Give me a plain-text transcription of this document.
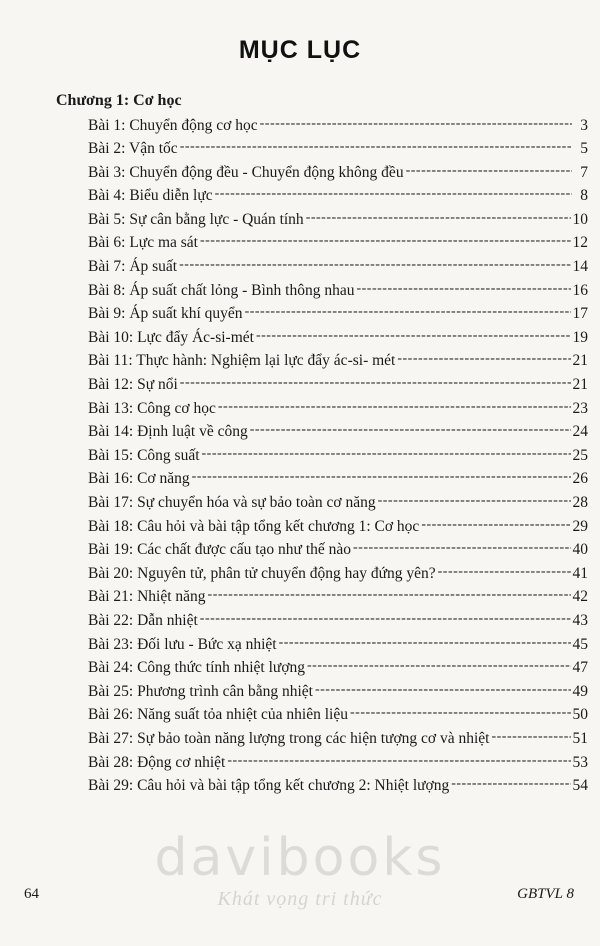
MỤC LỤC
Chương 1: Cơ học
Bài 1: Chuyển động cơ học -----	3
Bài 2: Vận tốc -----	5
Bài 3: Chuyển động đều - Chuyển động không đều -----	7
Bài 4: Biểu diễn lực -----	8
Bài 5: Sự cân bằng lực - Quán tính -----	10
Bài 6: Lực ma sát -----	12
Bài 7: Áp suất -----	14
Bài 8: Áp suất chất lỏng - Bình thông nhau -----	16
Bài 9: Áp suất khí quyển -----	17
Bài 10: Lực đẩy Ác-si-mét -----	19
Bài 11: Thực hành: Nghiệm lại lực đẩy ác-si- mét -----	21
Bài 12: Sự nổi -----	21
Bài 13: Công cơ học -----	23
Bài 14: Định luật về công -----	24
Bài 15: Công suất -----	25
Bài 16: Cơ năng -----	26
Bài 17: Sự chuyển hóa và sự bảo toàn cơ năng -----	28
Bài 18: Câu hỏi và bài tập tổng kết chương 1: Cơ học -----	29
Bài 19: Các chất được cấu tạo như thế nào -----	40
Bài 20: Nguyên tử, phân tử chuyển động hay đứng yên? -----	41
Bài 21: Nhiệt năng -----	42
Bài 22: Dẫn nhiệt -----	43
Bài 23: Đối lưu - Bức xạ nhiệt -----	45
Bài 24: Công thức tính nhiệt lượng -----	47
Bài 25: Phương trình cân bằng nhiệt -----	49
Bài 26: Năng suất tỏa nhiệt của nhiên liệu -----	50
Bài 27: Sự bảo toàn năng lượng trong các hiện tượng cơ và nhiệt -----	51
Bài 28: Động cơ nhiệt -----	53
Bài 29: Câu hỏi và bài tập tổng kết chương 2: Nhiệt lượng -----	54
davibooks
Khát vọng tri thức
64	GBTVL 8
